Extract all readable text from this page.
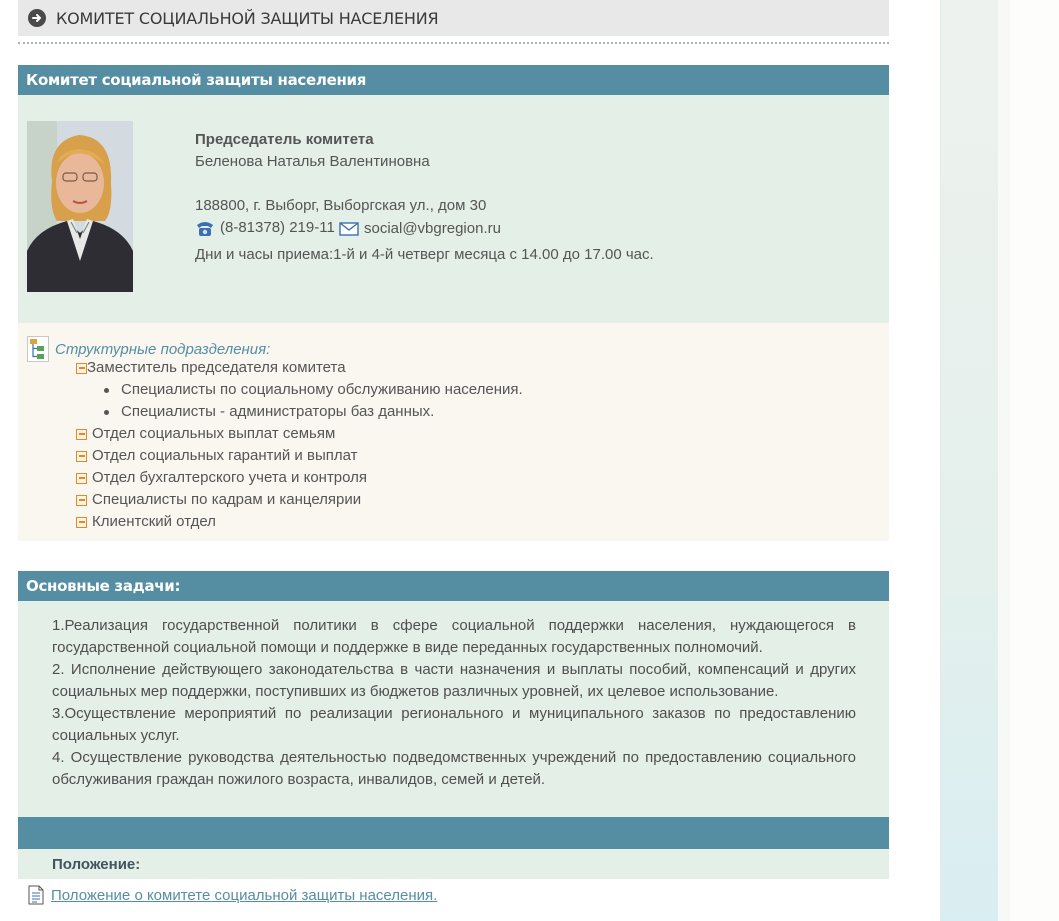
КОМИТЕТ СОЦИАЛЬНОЙ ЗАЩИТЫ НАСЕЛЕНИЯ
Комитет социальной защиты населения
Председатель комитета
Беленова Наталья Валентиновна
188800, г. Выборг, Выборгская ул., дом 30
(8-81378) 219-11
social@vbgregion.ru
Дни и часы приема:1-й и 4-й четверг месяца с 14.00 до 17.00 час.
Структурные подразделения:
Заместитель председателя комитета
Специалисты по социальному обслуживанию населения.
Специалисты - администраторы баз данных.
Отдел социальных выплат семьям
Отдел социальных гарантий и выплат
Отдел бухгалтерского учета и контроля
Специалисты по кадрам и канцелярии
Клиентский отдел
Основные задачи:

1.Реализация государственной политики в сфере социальной поддержки населения, нуждающегося в государственной социальной помощи и поддержке в виде переданных государственных полномочий.

2. Исполнение действующего законодательства в части назначения и выплаты пособий, компенсаций и других социальных мер поддержки, поступивших из бюджетов различных уровней, их целевое использование.

3.Осуществление мероприятий по реализации регионального и муниципального заказов по предоставлению социальных услуг.

4. Осуществление руководства деятельностью подведомственных учреждений по предоставлению социального обслуживания граждан пожилого возраста, инвалидов, семей и детей.

Положение:
Положение о комитете социальной защиты населения.
